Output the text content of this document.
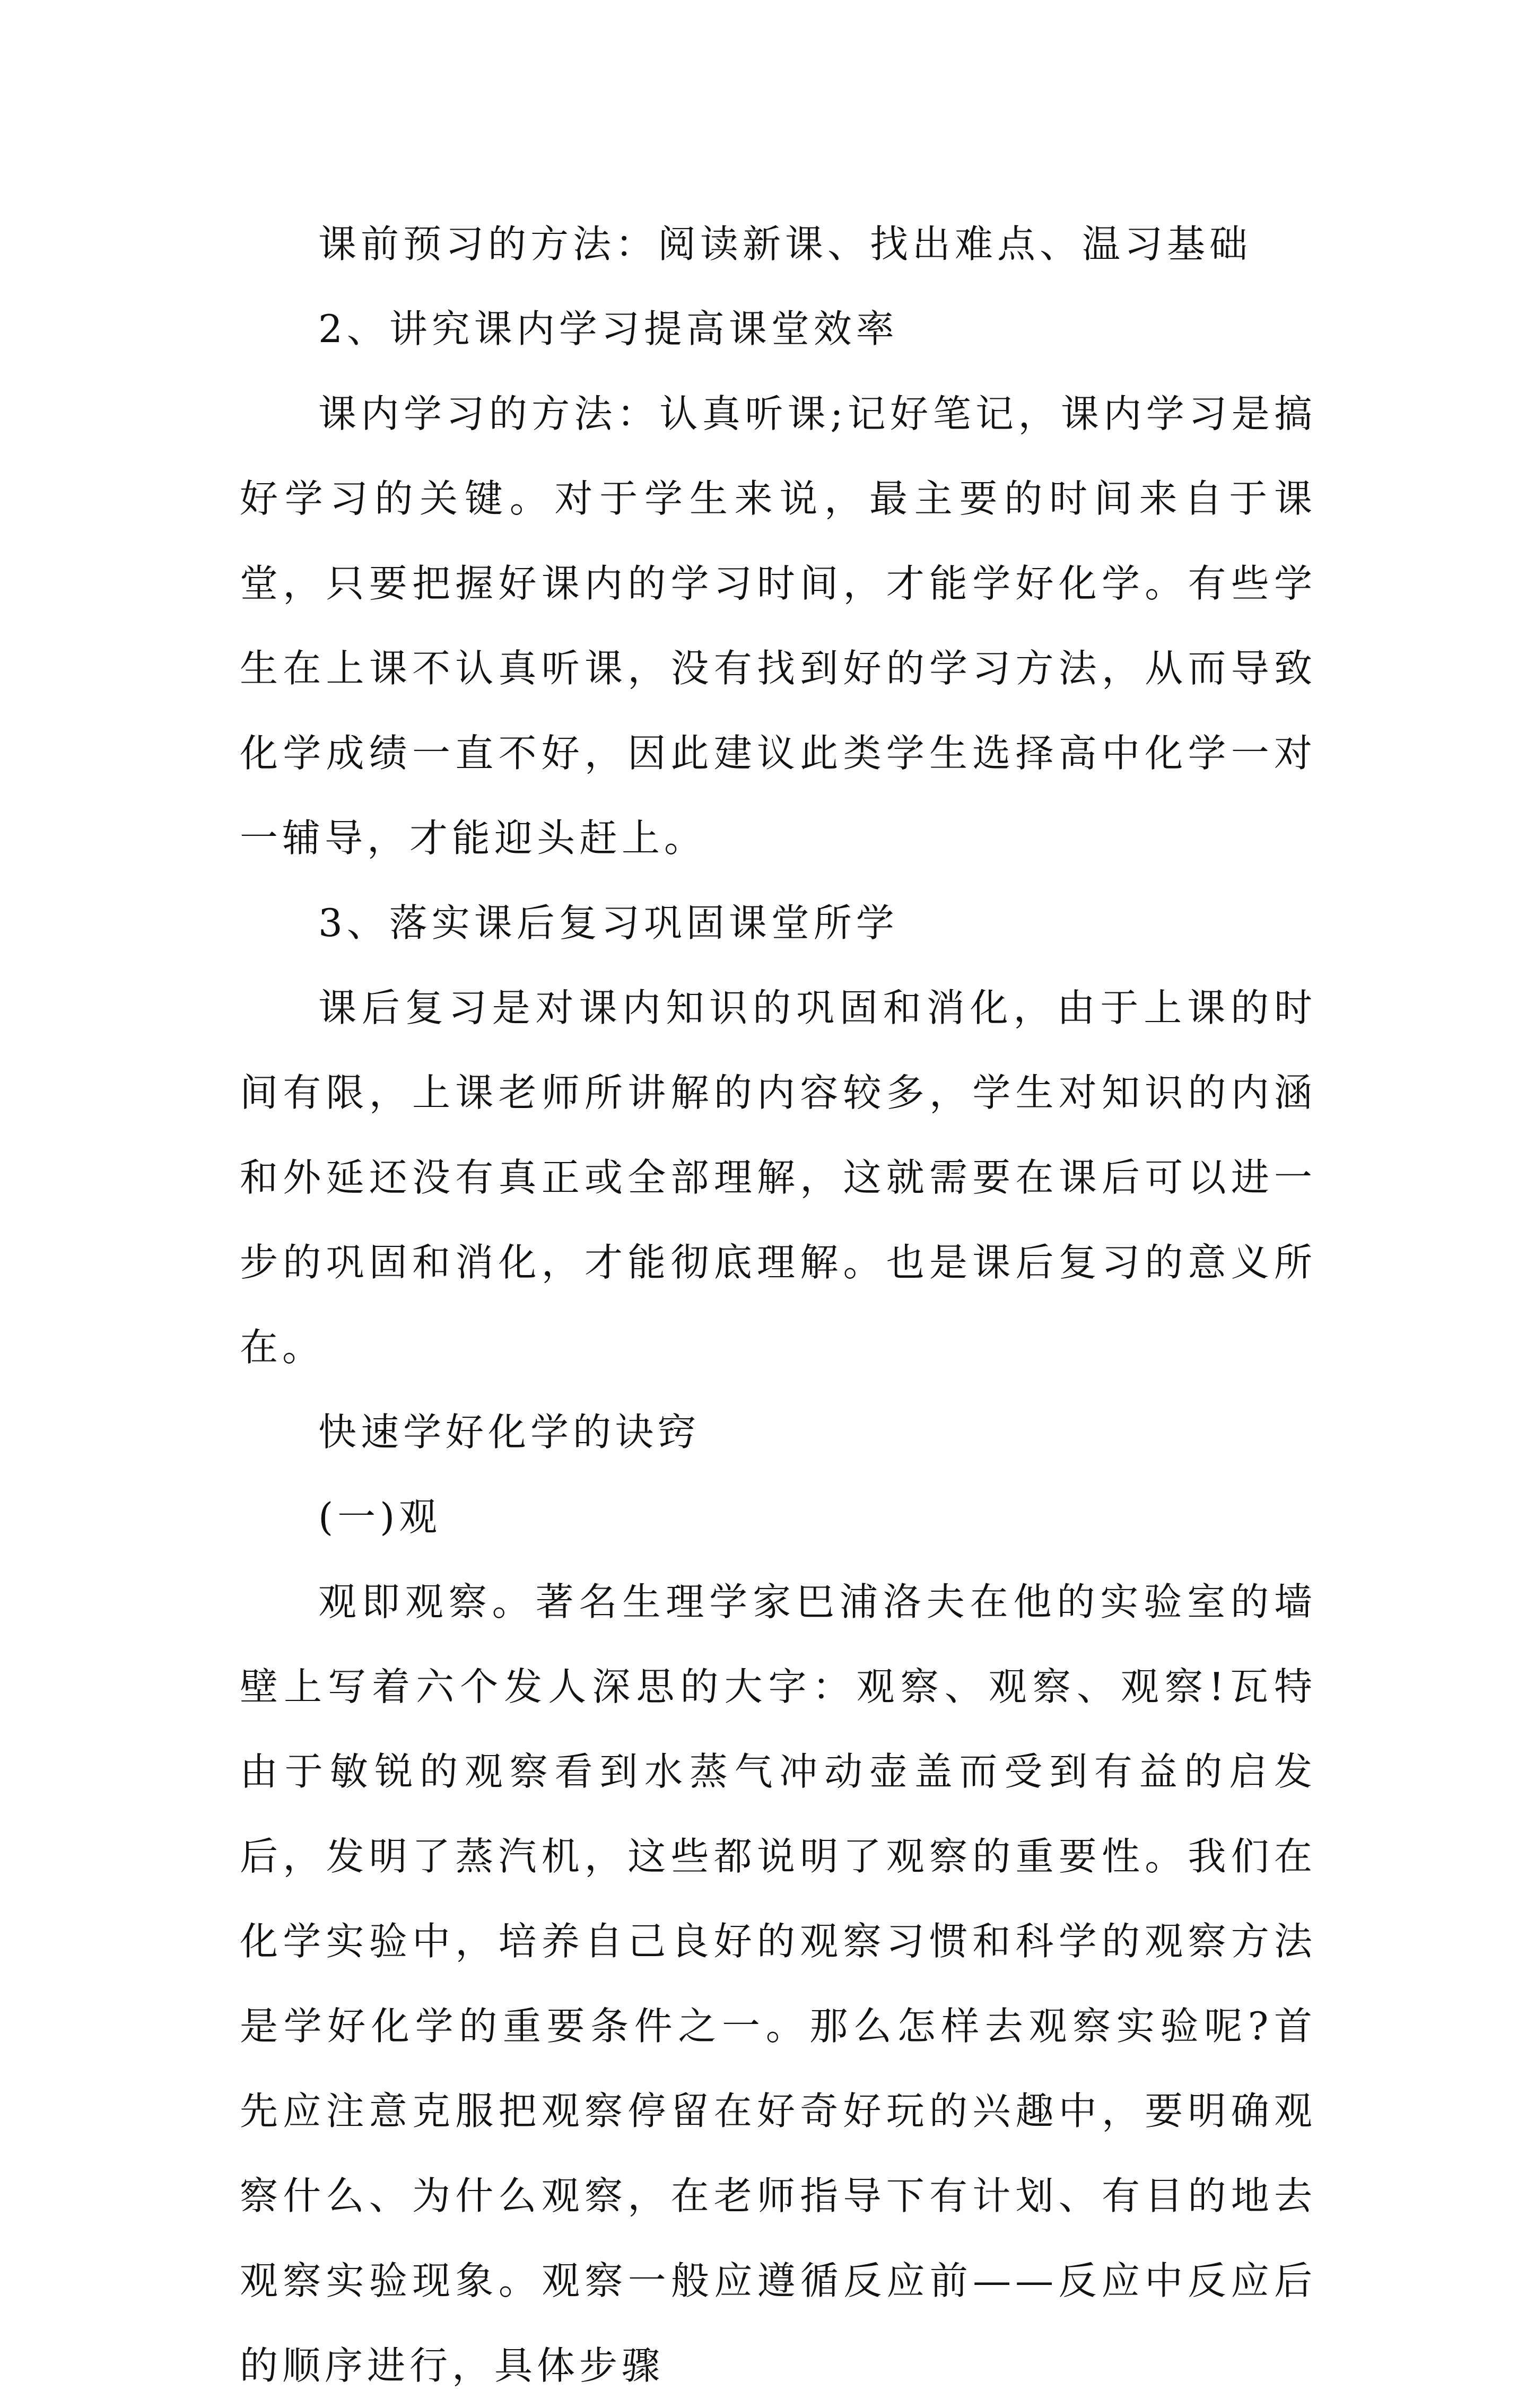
课前预习的方法：阅读新课、找出难点、温习基础

2、讲究课内学习提高课堂效率

课内学习的方法：认真听课;记好笔记，课内学习是搞好学习的关键。对于学生来说，最主要的时间来自于课堂，只要把握好课内的学习时间，才能学好化学。有些学生在上课不认真听课，没有找到好的学习方法，从而导致化学成绩一直不好，因此建议此类学生选择高中化学一对一辅导，才能迎头赶上。

3、落实课后复习巩固课堂所学

课后复习是对课内知识的巩固和消化，由于上课的时间有限，上课老师所讲解的内容较多，学生对知识的内涵和外延还没有真正或全部理解，这就需要在课后可以进一步的巩固和消化，才能彻底理解。也是课后复习的意义所在。

快速学好化学的诀窍

(一)观

观即观察。著名生理学家巴浦洛夫在他的实验室的墙壁上写着六个发人深思的大字：观察、观察、观察!瓦特由于敏锐的观察看到水蒸气冲动壶盖而受到有益的启发后，发明了蒸汽机，这些都说明了观察的重要性。我们在化学实验中，培养自己良好的观察习惯和科学的观察方法是学好化学的重要条件之一。那么怎样去观察实验呢?首先应注意克服把观察停留在好奇好玩的兴趣中，要明确观察什么、为什么观察，在老师指导下有计划、有目的地去观察实验现象。观察一般应遵循反应前——反应中反应后的顺序进行，具体步骤
